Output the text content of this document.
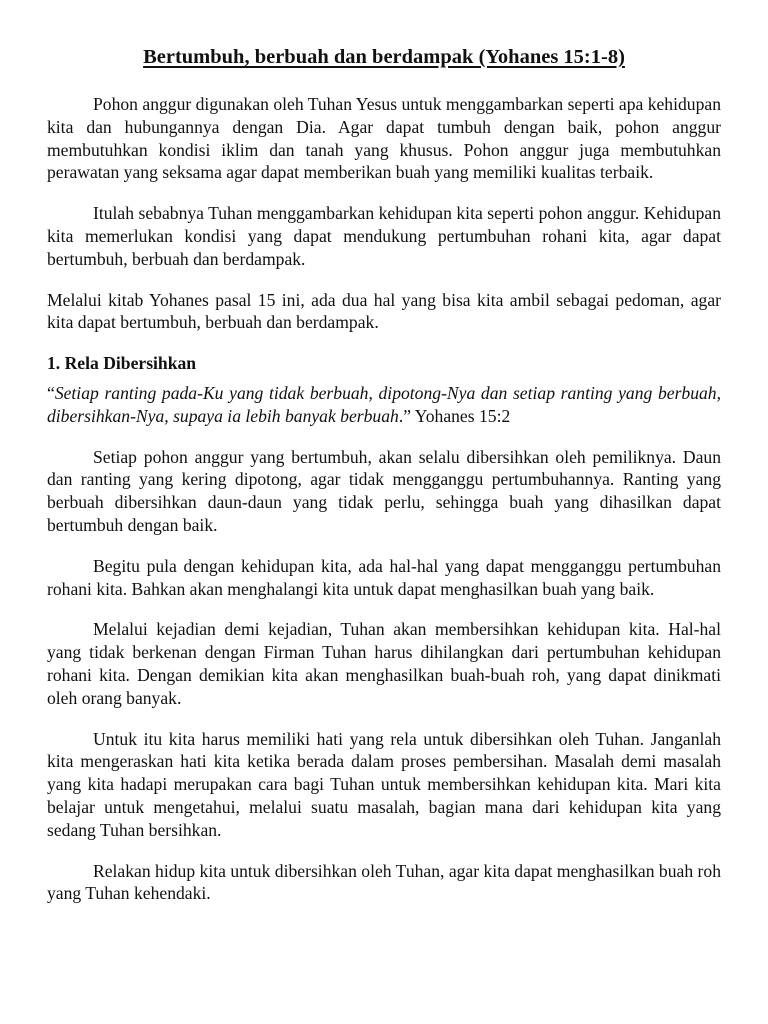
Bertumbuh, berbuah dan berdampak (Yohanes 15:1-8)

Pohon anggur digunakan oleh Tuhan Yesus untuk menggambarkan seperti apa kehidupan kita dan hubungannya dengan Dia. Agar dapat tumbuh dengan baik, pohon anggur membutuhkan kondisi iklim dan tanah yang khusus. Pohon anggur juga membutuhkan perawatan yang seksama agar dapat memberikan buah yang memiliki kualitas terbaik.

Itulah sebabnya Tuhan menggambarkan kehidupan kita seperti pohon anggur. Kehidupan kita memerlukan kondisi yang dapat mendukung pertumbuhan rohani kita, agar dapat bertumbuh, berbuah dan berdampak.

Melalui kitab Yohanes pasal 15 ini, ada dua hal yang bisa kita ambil sebagai pedoman, agar kita dapat bertumbuh, berbuah dan berdampak.

1. Rela Dibersihkan

“Setiap ranting pada-Ku yang tidak berbuah, dipotong-Nya dan setiap ranting yang berbuah, dibersihkan-Nya, supaya ia lebih banyak berbuah.” Yohanes 15:2

Setiap pohon anggur yang bertumbuh, akan selalu dibersihkan oleh pemiliknya. Daun dan ranting yang kering dipotong, agar tidak mengganggu pertumbuhannya. Ranting yang berbuah dibersihkan daun-daun yang tidak perlu, sehingga buah yang dihasilkan dapat bertumbuh dengan baik.

Begitu pula dengan kehidupan kita, ada hal-hal yang dapat mengganggu pertumbuhan rohani kita. Bahkan akan menghalangi kita untuk dapat menghasilkan buah yang baik.

Melalui kejadian demi kejadian, Tuhan akan membersihkan kehidupan kita. Hal-hal yang tidak berkenan dengan Firman Tuhan harus dihilangkan dari pertumbuhan kehidupan rohani kita. Dengan demikian kita akan menghasilkan buah-buah roh, yang dapat dinikmati oleh orang banyak.

Untuk itu kita harus memiliki hati yang rela untuk dibersihkan oleh Tuhan. Janganlah kita mengeraskan hati kita ketika berada dalam proses pembersihan. Masalah demi masalah yang kita hadapi merupakan cara bagi Tuhan untuk membersihkan kehidupan kita. Mari kita belajar untuk mengetahui, melalui suatu masalah, bagian mana dari kehidupan kita yang sedang Tuhan bersihkan.

Relakan hidup kita untuk dibersihkan oleh Tuhan, agar kita dapat menghasilkan buah roh yang Tuhan kehendaki.
